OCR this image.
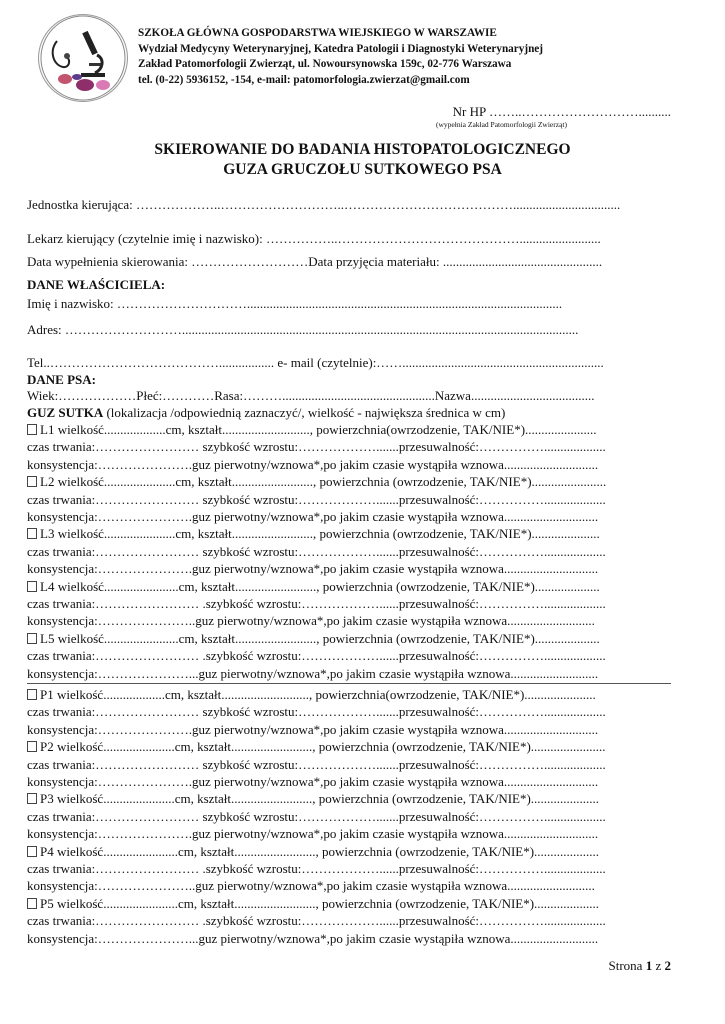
SZKOŁA GŁÓWNA GOSPODARSTWA WIEJSKIEGO W WARSZAWIE
Wydział Medycyny Weterynaryjnej, Katedra Patologii i Diagnostyki Weterynaryjnej
Zakład Patomorfologii Zwierząt, ul. Nowoursynowska 159c, 02-776 Warszawa
tel. (0-22) 5936152, -154, e-mail: patomorfologia.zwierzat@gmail.com
Nr HP ……..………………………..........
(wypełnia Zakład Patomorfologii Zwierząt)
SKIEROWANIE DO BADANIA HISTOPATOLOGICZNEGO
GUZA GRUCZOŁU SUTKOWEGO PSA
Jednostka kierująca: ………………..………………………..………………………………….................................
Lekarz kierujący (czytelnie imię i nazwisko): ……………..…………………………………….........................
Data wypełnienia skierowania: ………………………Data przyjęcia materiału: .................................................
DANE WŁAŚCICIELA:
Imię i nazwisko: ………………………….................................................................................................
Adres: ………………………..........................................................................................................................
Tel..…………………………………................. e- mail (czytelnie):……..............................................................
DANE PSA:
Wiek:………………Płeć:…………Rasa:………...............................................Nazwa......................................
GUZ SUTKA (lokalizacja /odpowiednią zaznaczyć/, wielkość - największa średnica w cm)
L1 wielkość...................cm, kształt..........................., powierzchnia(owrzodzenie, TAK/NIE*)......................
czas trwania:…………………… szybkość wzrostu:……………….......przesuwalność:……………...................
konsystencja:………………….guz pierwotny/wznowa*,po jakim czasie wystąpiła wznowa.............................
L2 wielkość......................cm, kształt........................., powierzchnia (owrzodzenie, TAK/NIE*).......................
czas trwania:…………………… szybkość wzrostu:……………….......przesuwalność:……………...................
konsystencja:………………….guz pierwotny/wznowa*,po jakim czasie wystąpiła wznowa.............................
L3 wielkość......................cm, kształt........................., powierzchnia (owrzodzenie, TAK/NIE*).....................
czas trwania:…………………… szybkość wzrostu:……………….......przesuwalność:……………...................
konsystencja:………………….guz pierwotny/wznowa*,po jakim czasie wystąpiła wznowa.............................
L4 wielkość.......................cm, kształt........................., powierzchnia (owrzodzenie, TAK/NIE*)....................
czas trwania:…………………… .szybkość wzrostu:………………......przesuwalność:……………...................
konsystencja:…………………..guz pierwotny/wznowa*,po jakim czasie wystąpiła wznowa...........................
L5 wielkość.......................cm, kształt........................., powierzchnia (owrzodzenie, TAK/NIE*)....................
czas trwania:…………………… .szybkość wzrostu:………………......przesuwalność:……………...................
konsystencja:…………………...guz pierwotny/wznowa*,po jakim czasie wystąpiła wznowa...........................
P1 wielkość...................cm, kształt..........................., powierzchnia(owrzodzenie, TAK/NIE*)......................
czas trwania:…………………… szybkość wzrostu:……………….......przesuwalność:……………...................
konsystencja:………………….guz pierwotny/wznowa*,po jakim czasie wystąpiła wznowa.............................
P2 wielkość......................cm, kształt........................., powierzchnia (owrzodzenie, TAK/NIE*).......................
czas trwania:…………………… szybkość wzrostu:……………….......przesuwalność:……………...................
konsystencja:………………….guz pierwotny/wznowa*,po jakim czasie wystąpiła wznowa.............................
P3 wielkość......................cm, kształt........................., powierzchnia (owrzodzenie, TAK/NIE*).....................
czas trwania:…………………… szybkość wzrostu:……………….......przesuwalność:……………...................
konsystencja:………………….guz pierwotny/wznowa*,po jakim czasie wystąpiła wznowa.............................
P4 wielkość.......................cm, kształt........................., powierzchnia (owrzodzenie, TAK/NIE*)....................
czas trwania:…………………… .szybkość wzrostu:………………......przesuwalność:……………...................
konsystencja:…………………..guz pierwotny/wznowa*,po jakim czasie wystąpiła wznowa...........................
P5 wielkość.......................cm, kształt........................., powierzchnia (owrzodzenie, TAK/NIE*)....................
czas trwania:…………………… .szybkość wzrostu:………………......przesuwalność:……………...................
konsystencja:…………………...guz pierwotny/wznowa*,po jakim czasie wystąpiła wznowa...........................
Strona 1 z 2
